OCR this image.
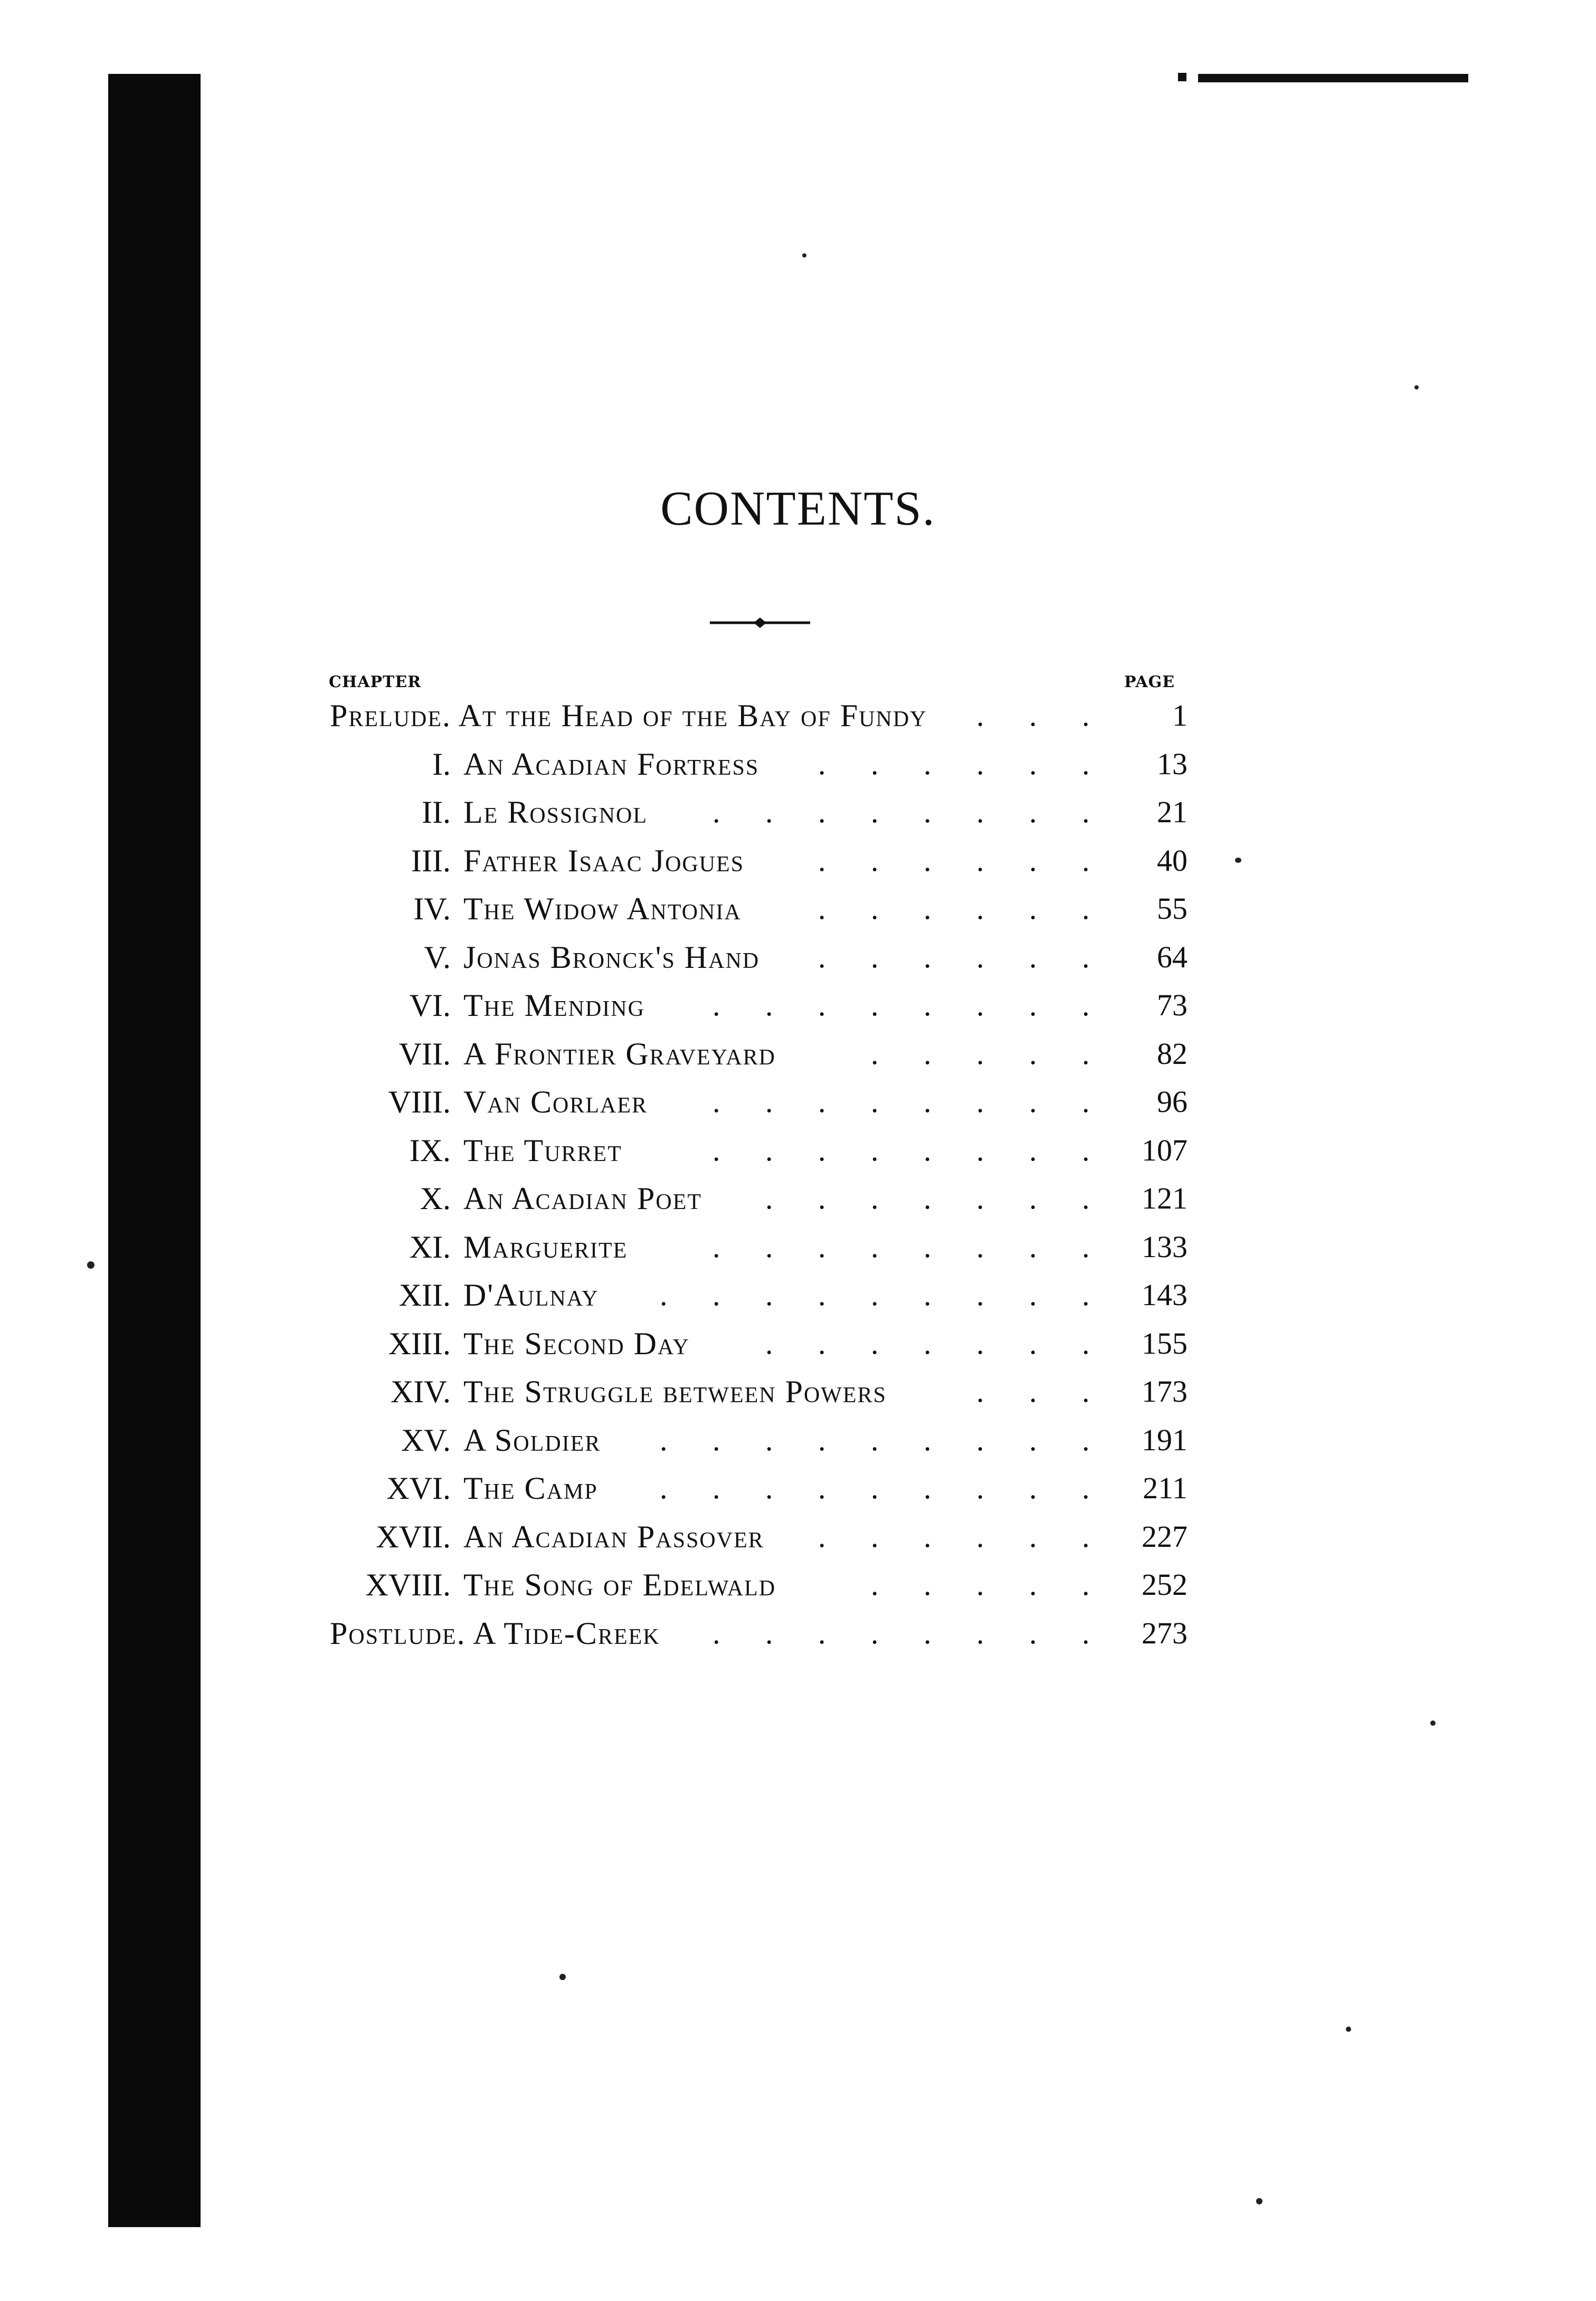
CONTENTS.
CHAPTER	PAGE
Prelude. At the Head of the Bay of Fundy	1
. . .
I. An Acadian Fortress	13
. . . . . .
II. Le Rossignol	21
. . . . . . . .
III. Father Isaac Jogues	40
. . . . . .
IV. The Widow Antonia	55
. . . . . .
V. Jonas Bronck's Hand	64
. . . . . .
VI. The Mending	73
. . . . . . . .
VII. A Frontier Graveyard	82
. . . . .
VIII. Van Corlaer	96
. . . . . . . .
IX. The Turret	107
. . . . . . . .
X. An Acadian Poet	121
. . . . . . .
XI. Marguerite	133
. . . . . . . .
XII. D'Aulnay	143
. . . . . . . . .
XIII. The Second Day	155
. . . . . . .
XIV. The Struggle between Powers	173
. . .
XV. A Soldier	191
. . . . . . . . .
XVI. The Camp	211
. . . . . . . . .
XVII. An Acadian Passover	227
. . . . . .
XVIII. The Song of Edelwald	252
. . . . .
Postlude. A Tide-Creek	273
. . . . . . . .
